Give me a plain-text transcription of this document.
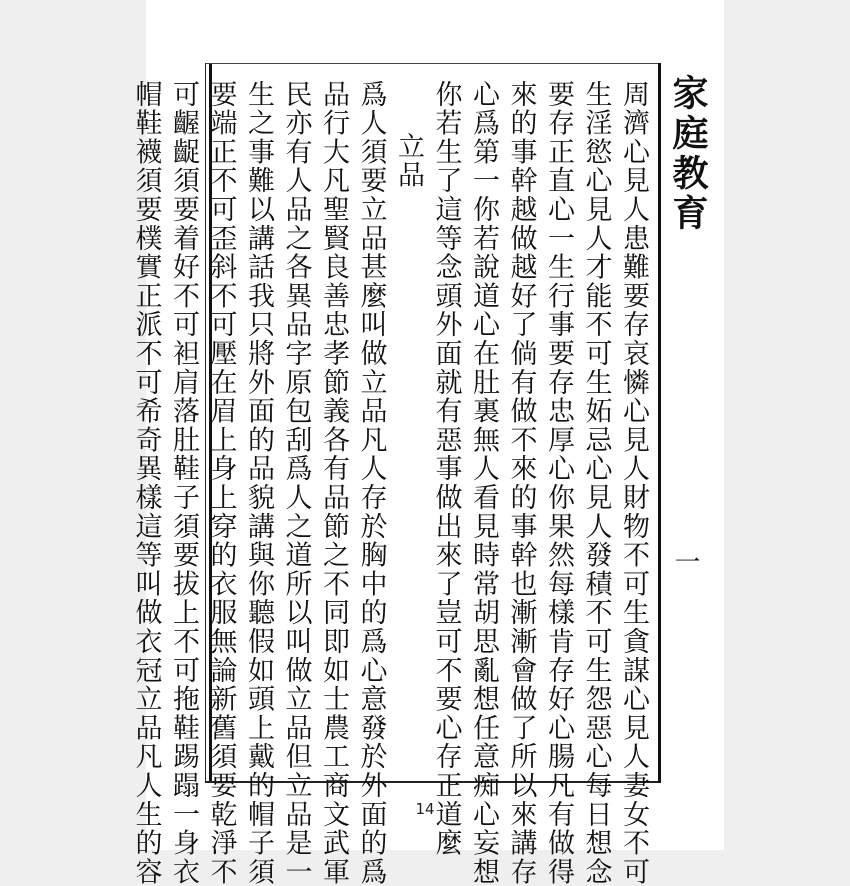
家庭教育
一
周濟心見人患難要存哀憐心見人財物不可生貪謀心見人妻女不可
生淫慾心見人才能不可生妬忌心見人發積不可生怨惡心每日想念
要存正直心一生行事要存忠厚心你果然每樣肯存好心腸凡有做得
來的事幹越做越好了倘有做不來的事幹也漸漸會做了所以來講存
心爲第一你若說道心在肚裏無人看見時常胡思亂想任意痴心妄想
你若生了這等念頭外面就有惡事做出來了豈可不要心存正道麼
立品
爲人須要立品甚麼叫做立品凡人存於胸中的爲心意發於外面的爲
品行大凡聖賢良善忠孝節義各有品節之不同即如士農工商文武軍
民亦有人品之各異品字原包刮爲人之道所以叫做立品但立品是一
生之事難以講話我只將外面的品貌講與你聽假如頭上戴的帽子須
要端正不可歪斜不可壓在眉上身上穿的衣服無論新舊須要乾淨不
可齷齪須要着好不可袒肩落肚鞋子須要拔上不可拖鞋踢蹋一身衣
帽鞋襪須要樸實正派不可希奇異樣這等叫做衣冠立品凡人生的容	14
